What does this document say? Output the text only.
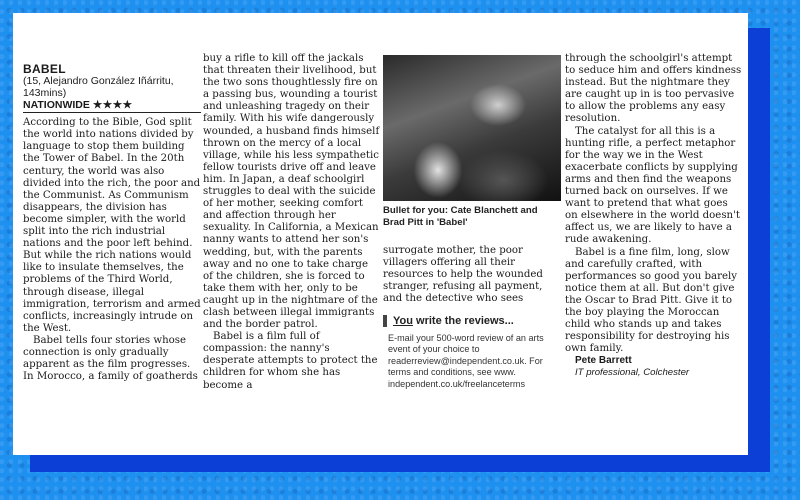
BABEL

(15, Alejandro González Iñárritu, 143mins)

NATIONWIDE ★★★★

According to the Bible, God split the world into nations divided by language to stop them building the Tower of Babel. In the 20th century, the world was also divided into the rich, the poor and the Communist. As Communism disappears, the division has become simpler, with the world split into the rich industrial nations and the poor left behind. But while the rich nations would like to insulate themselves, the problems of the Third World, through disease, illegal immigration, terrorism and armed conflicts, increasingly intrude on the West.

Babel tells four stories whose connection is only gradually apparent as the film progresses. In Morocco, a family of goatherds

buy a rifle to kill off the jackals that threaten their livelihood, but the two sons thoughtlessly fire on a passing bus, wounding a tourist and unleashing tragedy on their family. With his wife dangerously wounded, a husband finds himself thrown on the mercy of a local village, while his less sympathetic fellow tourists drive off and leave him. In Japan, a deaf schoolgirl struggles to deal with the suicide of her mother, seeking comfort and affection through her sexuality. In California, a Mexican nanny wants to attend her son's wedding, but, with the parents away and no one to take charge of the children, she is forced to take them with her, only to be caught up in the nightmare of the clash between illegal immigrants and the border patrol.

Babel is a film full of compassion: the nanny's desperate attempts to protect the children for whom she has become a

Bullet for you: Cate Blanchett and Brad Pitt in 'Babel'

surrogate mother, the poor villagers offering all their resources to help the wounded stranger, refusing all payment, and the detective who sees

You write the reviews...
E-mail your 500-word review of an arts event of your choice to readerreview@independent.co.uk. For terms and conditions, see www. independent.co.uk/freelanceterms

through the schoolgirl's attempt to seduce him and offers kindness instead. But the nightmare they are caught up in is too pervasive to allow the problems any easy resolution.

The catalyst for all this is a hunting rifle, a perfect metaphor for the way we in the West exacerbate conflicts by supplying arms and then find the weapons turned back on ourselves. If we want to pretend that what goes on elsewhere in the world doesn't affect us, we are likely to have a rude awakening.

Babel is a fine film, long, slow and carefully crafted, with performances so good you barely notice them at all. But don't give the Oscar to Brad Pitt. Give it to the boy playing the Moroccan child who stands up and takes responsibility for destroying his own family.

Pete Barrett

IT professional, Colchester
